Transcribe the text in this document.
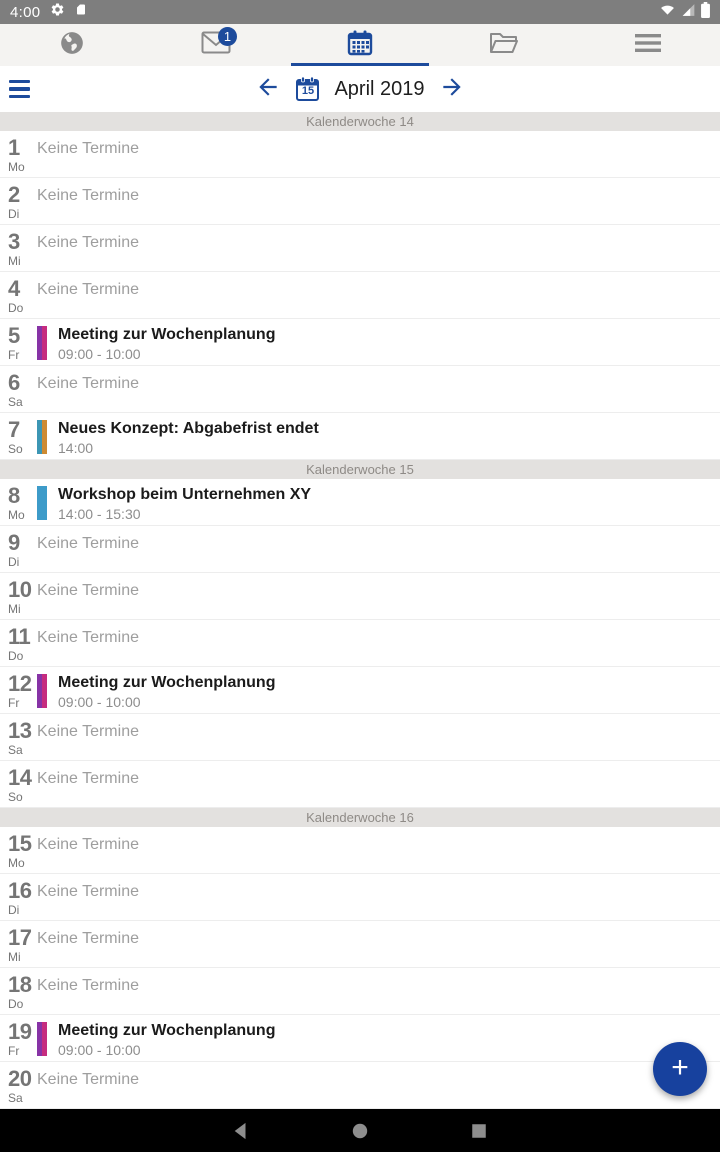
4:00
1
15	April 2019
Kalenderwoche 14
1
Mo
Keine Termine
2
Di
Keine Termine
3
Mi
Keine Termine
4
Do
Keine Termine
5
Fr
Meeting zur Wochenplanung
09:00 - 10:00
6
Sa
Keine Termine
7
So
Neues Konzept: Abgabefrist endet
14:00
Kalenderwoche 15
8
Mo
Workshop beim Unternehmen XY
14:00 - 15:30
9
Di
Keine Termine
10
Mi
Keine Termine
11
Do
Keine Termine
12
Fr
Meeting zur Wochenplanung
09:00 - 10:00
13
Sa
Keine Termine
14
So
Keine Termine
Kalenderwoche 16
15
Mo
Keine Termine
16
Di
Keine Termine
17
Mi
Keine Termine
18
Do
Keine Termine
19
Fr
Meeting zur Wochenplanung
09:00 - 10:00
20
Sa
Keine Termine	+
